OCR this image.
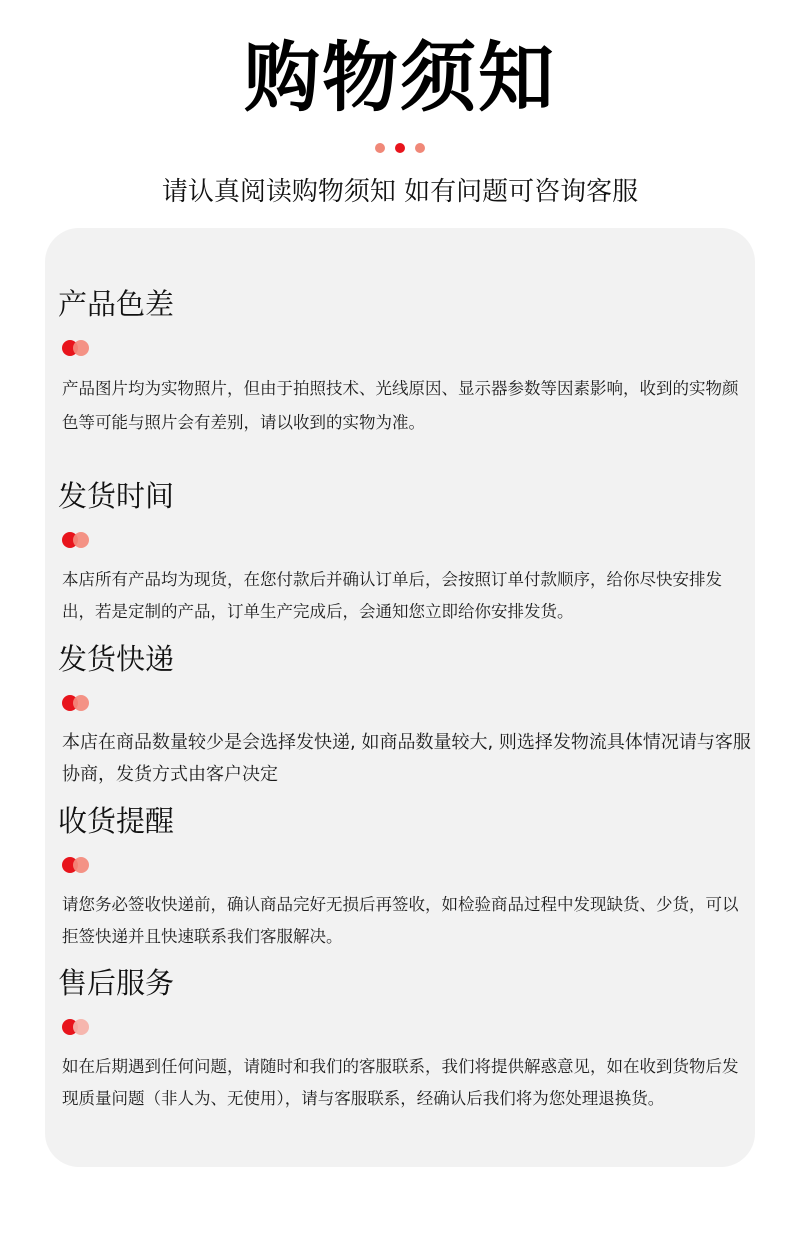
购物须知
请认真阅读购物须知 如有问题可咨询客服
产品色差
产品图片均为实物照片，但由于拍照技术、光线原因、显示器参数等因素影响，收到的实物颜色等可能与照片会有差别，请以收到的实物为准。
发货时间
本店所有产品均为现货，在您付款后并确认订单后，会按照订单付款顺序，给你尽快安排发出，若是定制的产品，订单生产完成后，会通知您立即给你安排发货。
发货快递
本店在商品数量较少是会选择发快递, 如商品数量较大, 则选择发物流具体情况请与客服协商，发货方式由客户决定
收货提醒
请您务必签收快递前，确认商品完好无损后再签收，如检验商品过程中发现缺货、少货，可以拒签快递并且快速联系我们客服解决。
售后服务
如在后期遇到任何问题，请随时和我们的客服联系，我们将提供解惑意见，如在收到货物后发现质量问题（非人为、无使用），请与客服联系，经确认后我们将为您处理退换货。
